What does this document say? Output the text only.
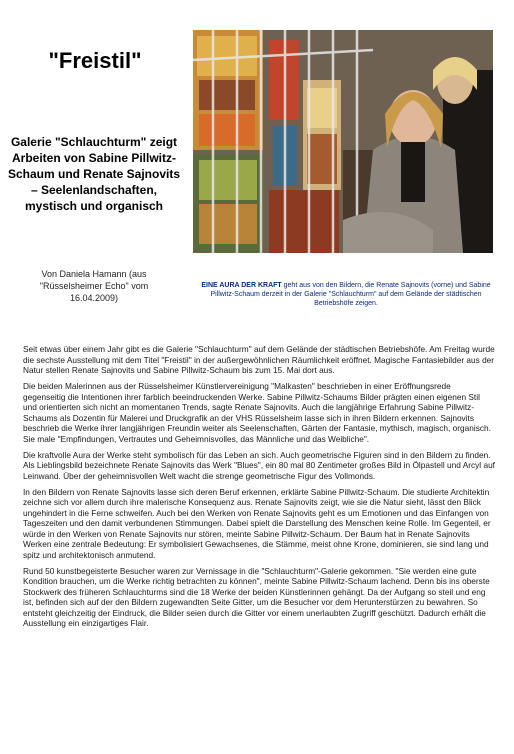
"Freistil"
Galerie "Schlauchturm" zeigt Arbeiten von Sabine Pillwitz-Schaum und Renate Sajnovits – Seelenlandschaften, mystisch und organisch
Von Daniela Hamann (aus "Rüsselsheimer Echo" vom 16.04.2009)
EINE AURA DER KRAFT geht aus von den Bildern, die Renate Sajnovits (vorne) und Sabine Pillwitz-Schaum derzeit in der Galerie "Schlauchturm" auf dem Gelände der städtischen Betriebshöfe zeigen.

Seit etwas über einem Jahr gibt es die Galerie "Schlauchturm" auf dem Gelände der städtischen Betriebshöfe. Am Freitag wurde die sechste Ausstellung mit dem Titel "Freistil" in der außergewöhnlichen Räumlichkeit eröffnet. Magische Fantasiebilder aus der Natur stellen Renate Sajnovits und Sabine Pillwitz-Schaum bis zum 15. Mai dort aus.

Die beiden Malerinnen aus der Rüsselsheimer Künstlervereinigung "Malkasten" beschrieben in einer Eröffnungsrede gegenseitig die Intentionen ihrer farblich beeindruckenden Werke. Sabine Pillwitz-Schaums Bilder prägten einen eigenen Stil und orientierten sich nicht an momentanen Trends, sagte Renate Sajnovits. Auch die langjährige Erfahrung Sabine Pillwitz-Schaums als Dozentin für Malerei und Druckgrafik an der VHS Rüsselsheim lasse sich in ihren Bildern erkennen. Sajnovits beschrieb die Werke ihrer langjährigen Freundin weiter als Seelenschaften, Gärten der Fantasie, mythisch, magisch, organisch. Sie male "Empfindungen, Vertrautes und Geheimnisvolles, das Männliche und das Weibliche".

Die kraftvolle Aura der Werke steht symbolisch für das Leben an sich. Auch geometrische Figuren sind in den Bildern zu finden. Als Lieblingsbild bezeichnete Renate Sajnovits das Werk "Blues", ein 80 mal 80 Zentimeter großes Bild in Ölpastell und Arcyl auf Leinwand. Über der geheimnisvollen Welt wacht die strenge geometrische Figur des Vollmonds.

In den Bildern von Renate Sajnovits lasse sich deren Beruf erkennen, erklärte Sabine Pillwitz-Schaum. Die studierte Architektin zeichne sich vor allem durch ihre malerische Konsequenz aus. Renate Sajnovits zeigt, wie sie die Natur sieht, lässt den Blick ungehindert in die Ferne schweifen. Auch bei den Werken von Renate Sajnovits geht es um Emotionen und das Einfangen von Tageszeiten und den damit verbundenen Stimmungen. Dabei spielt die Darstellung des Menschen keine Rolle. Im Gegenteil, er würde in den Werken von Renate Sajnovits nur stören, meinte Sabine Pillwitz-Schaum. Der Baum hat in Renate Sajnovits Werken eine zentrale Bedeutung: Er symbolisiert Gewachsenes, die Stämme, meist ohne Krone, dominieren, sie sind lang und spitz und architektonisch anmutend.

Rund 50 kunstbegeisterte Besucher waren zur Vernissage in die "Schlauchturm"-Galerie gekommen. "Sie werden eine gute Kondition brauchen, um die Werke richtig betrachten zu können", meinte Sabine Pillwitz-Schaum lachend. Denn bis ins oberste Stockwerk des früheren Schlauchturms sind die 18 Werke der beiden Künstlerinnen gehängt. Da der Aufgang so steil und eng ist, befinden sich auf der den Bildern zugewandten Seite Gitter, um die Besucher vor dem Herunterstürzen zu bewahren. So entsteht gleichzeitig der Eindruck, die Bilder seien durch die Gitter vor einem unerlaubten Zugriff geschützt. Dadurch erhält die Ausstellung ein einzigartiges Flair.
